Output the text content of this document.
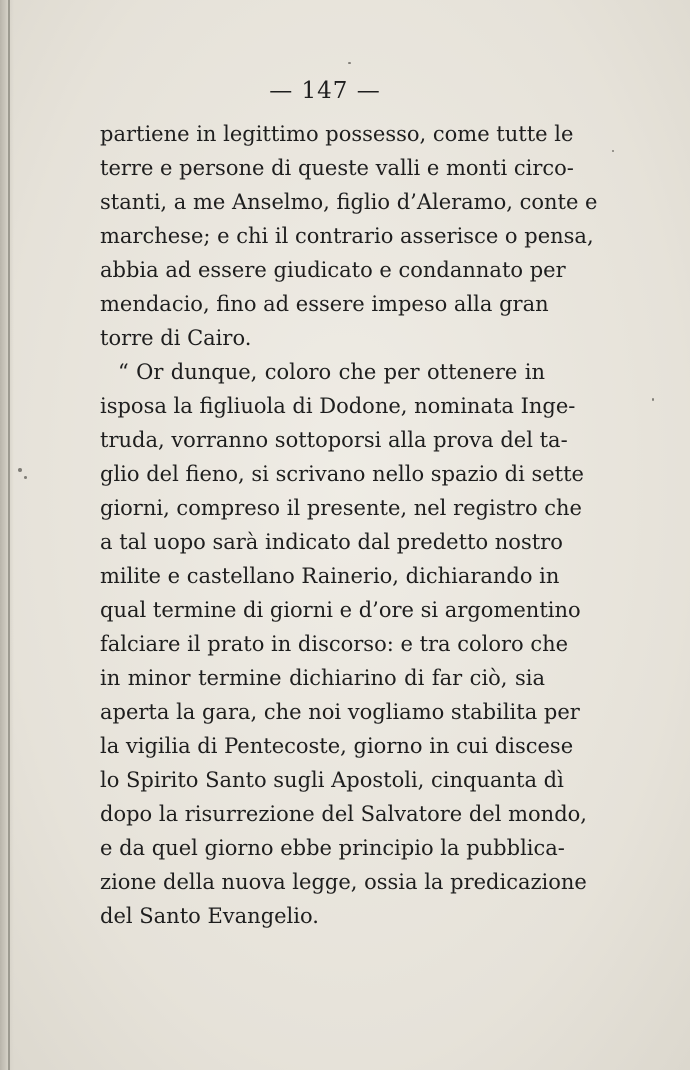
— 147 —
partiene in legittimo possesso, come tutte le
terre e persone di queste valli e monti circo-
stanti, a me Anselmo, figlio d’Aleramo, conte e
marchese; e chi il contrario asserisce o pensa,
abbia ad essere giudicato e condannato per
mendacio, fino ad essere impeso alla gran
torre di Cairo.
“ Or dunque, coloro che per ottenere in
isposa la figliuola di Dodone, nominata Inge-
truda, vorranno sottoporsi alla prova del ta-
glio del fieno, si scrivano nello spazio di sette
giorni, compreso il presente, nel registro che
a tal uopo sarà indicato dal predetto nostro
milite e castellano Rainerio, dichiarando in
qual termine di giorni e d’ore si argomentino
falciare il prato in discorso: e tra coloro che
in minor termine dichiarino di far ciò, sia
aperta la gara, che noi vogliamo stabilita per
la vigilia di Pentecoste, giorno in cui discese
lo Spirito Santo sugli Apostoli, cinquanta dì
dopo la risurrezione del Salvatore del mondo,
e da quel giorno ebbe principio la pubblica-
zione della nuova legge, ossia la predicazione
del Santo Evangelio.
